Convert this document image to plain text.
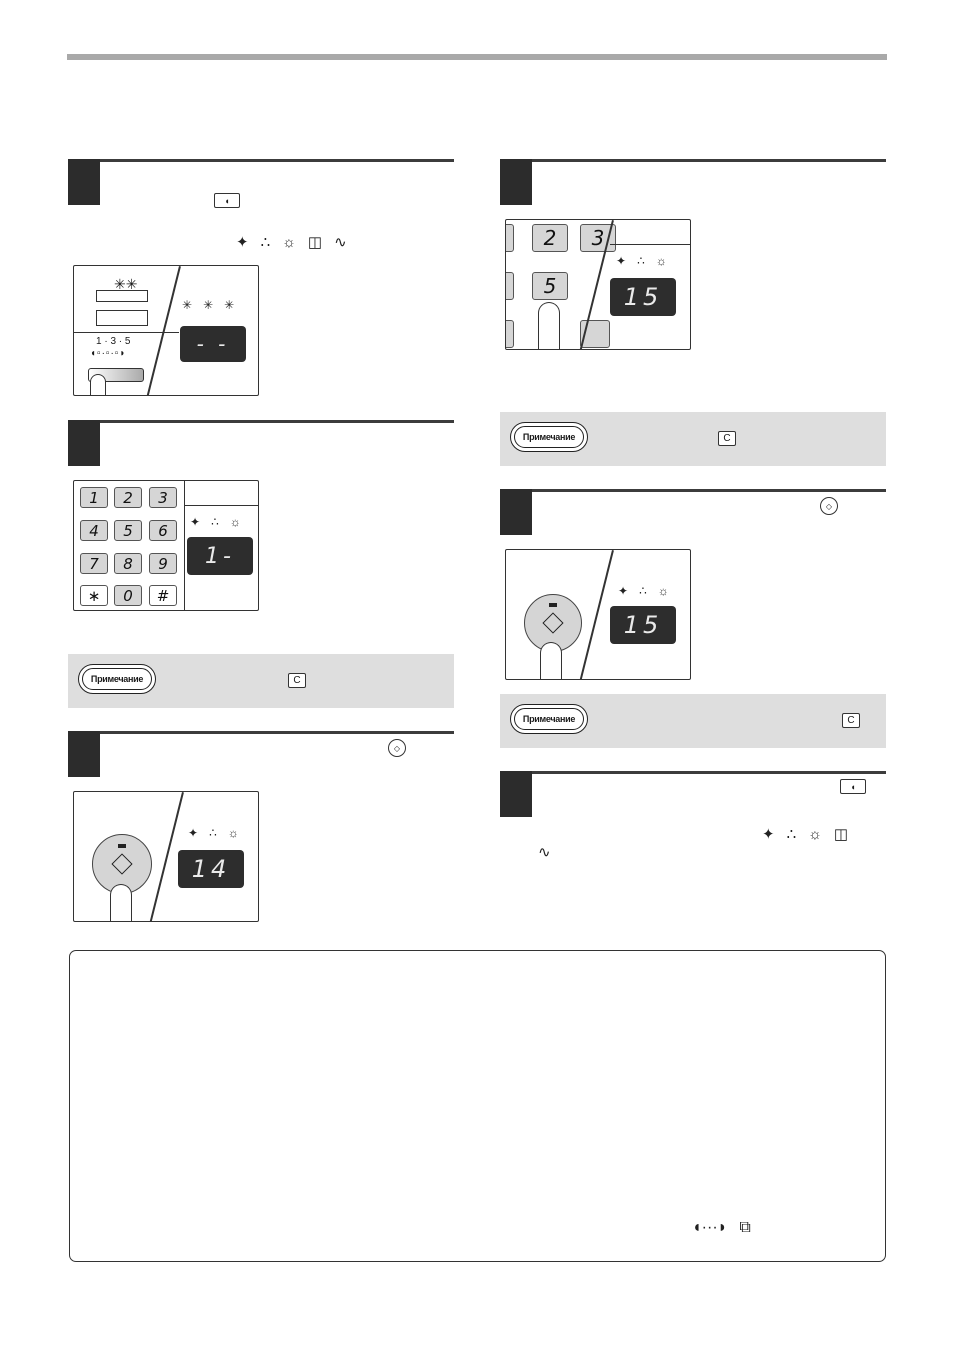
◖
✦ ∴ ☼ ◫ ∿
✳✳
1 · 3 · 5
◖▫·▫·▫◗
✳ ✳ ✳
- -
1	2	3
4	5	6
7	8	9
∗	0	#
✦ ∴ ☼
1-
Примечание	C
◇
✦ ∴ ☼
14
2	3
5
✦ ∴ ☼
15
Примечание	C
◇
✦ ∴ ☼
15
Примечание	C
◖
✦ ∴ ☼ ◫
∿
◖···◗ ⧉
